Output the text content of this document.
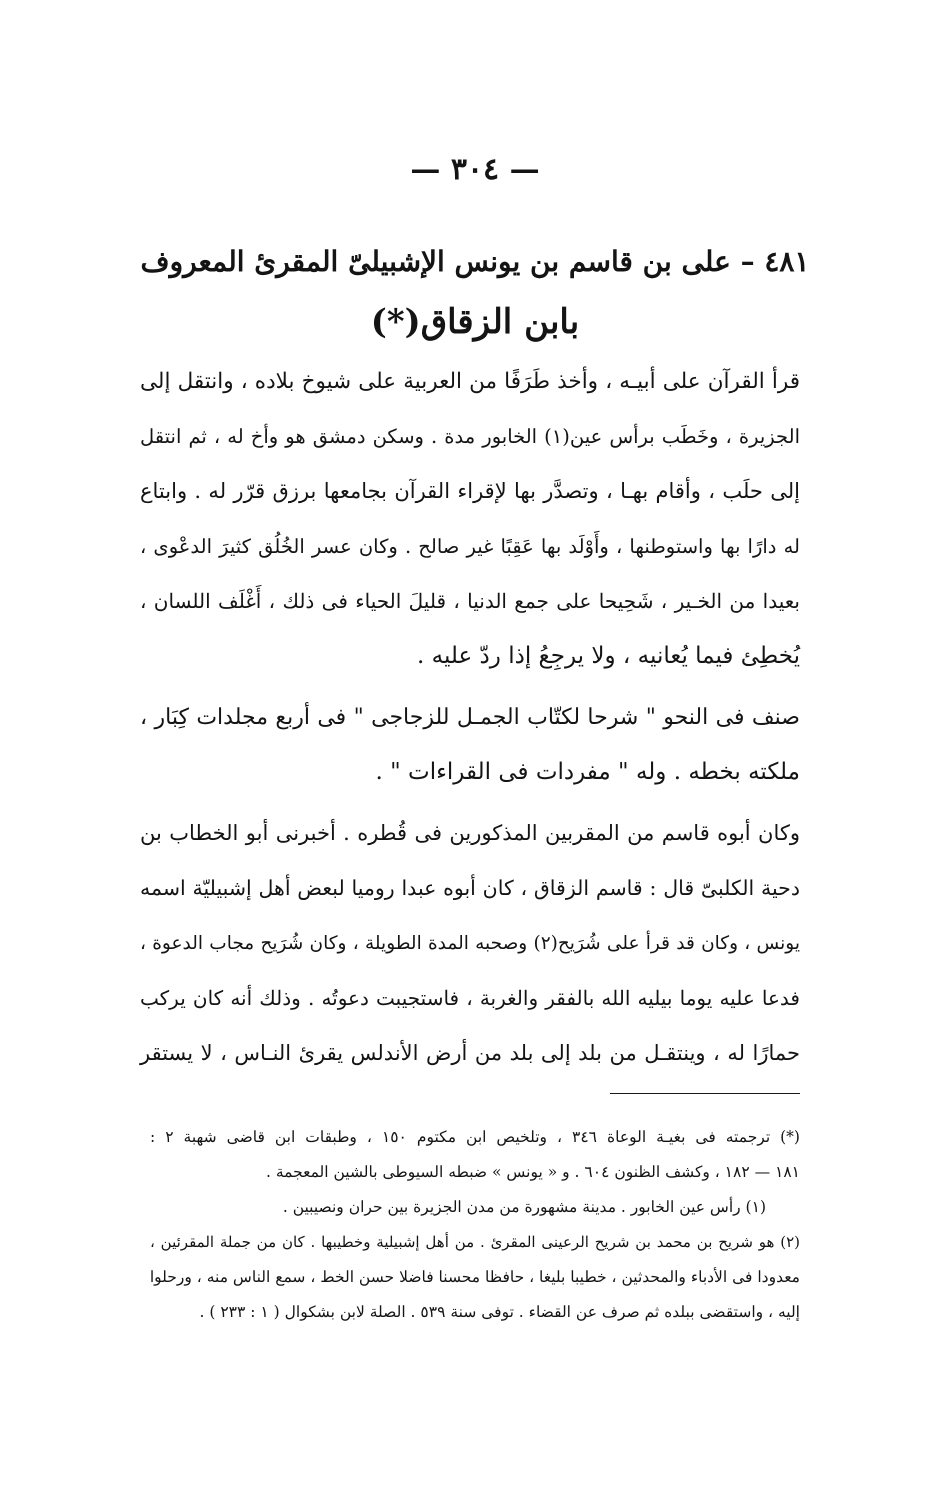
— ٣٠٤ —
٤٨١ – على بن قاسم بن يونس الإشبيلىّ المقرئ المعروف
بابن الزقاق(*)
قرأ القرآن على أبيـه ، وأخذ طَرَفًا من العربية على شيوخ بلاده ، وانتقل إلى
الجزيرة ، وخَطَب برأس عين(١) الخابور مدة . وسكن دمشق هو وأخ له ، ثم انتقل
إلى حلَب ، وأقام بهـا ، وتصدَّر بها لإقراء القرآن بجامعها برزق قرّر له . وابتاع
له دارًا بها واستوطنها ، وأَوْلَد بها عَقِبًا غير صالح . وكان عسر الخُلُق كثيرَ الدعْوى ،
بعيدا من الخـير ، شَحِيحا على جمع الدنيا ، قليلَ الحياء فى ذلك ، أَغْلَف اللسان ،
يُخطِئ فيما يُعانيه ، ولا يرجِعُ إذا ردّ عليه .
صنف فى النحو " شرحا لكتّاب الجمـل للزجاجى " فى أربع مجلدات كِبَار ،
ملكته بخطه . وله " مفردات فى القراءات " .
وكان أبوه قاسم من المقربين المذكورين فى قُطره . أخبرنى أبو الخطاب بن
دحية الكلبىّ قال : قاسم الزقاق ، كان أبوه عبدا روميا لبعض أهل إشبيليّة اسمه
يونس ، وكان قد قرأ على شُرَيح(٢) وصحبه المدة الطويلة ، وكان شُرَيح مجاب الدعوة ،
فدعا عليه يوما بيليه الله بالفقر والغربة ، فاستجيبت دعوتُه . وذلك أنه كان يركب
حمارًا له ، وينتقـل من بلد إلى بلد من أرض الأندلس يقرئ النـاس ، لا يستقر
(*) ترجمته فى بغيـة الوعاة ٣٤٦ ، وتلخيص ابن مكتوم ١٥٠ ، وطبقات ابن قاضى شهبة ٢ :
١٨١ — ١٨٢ ، وكشف الظنون ٦٠٤ . و « يونس » ضبطه السيوطى بالشين المعجمة .
(١) رأس عين الخابور . مدينة مشهورة من مدن الجزيرة بين حران ونصيبين .
(٢) هو شريح بن محمد بن شريح الرعينى المقرئ . من أهل إشبيلية وخطيبها . كان من جملة المقرئين ،
معدودا فى الأدباء والمحدثين ، خطيبا بليغا ، حافظا محسنا فاضلا حسن الخط ، سمع الناس منه ، ورحلوا
إليه ، واستقضى ببلده ثم صرف عن القضاء . توفى سنة ٥٣٩ . الصلة لابن بشكوال ( ١ : ٢٣٣ ) .
